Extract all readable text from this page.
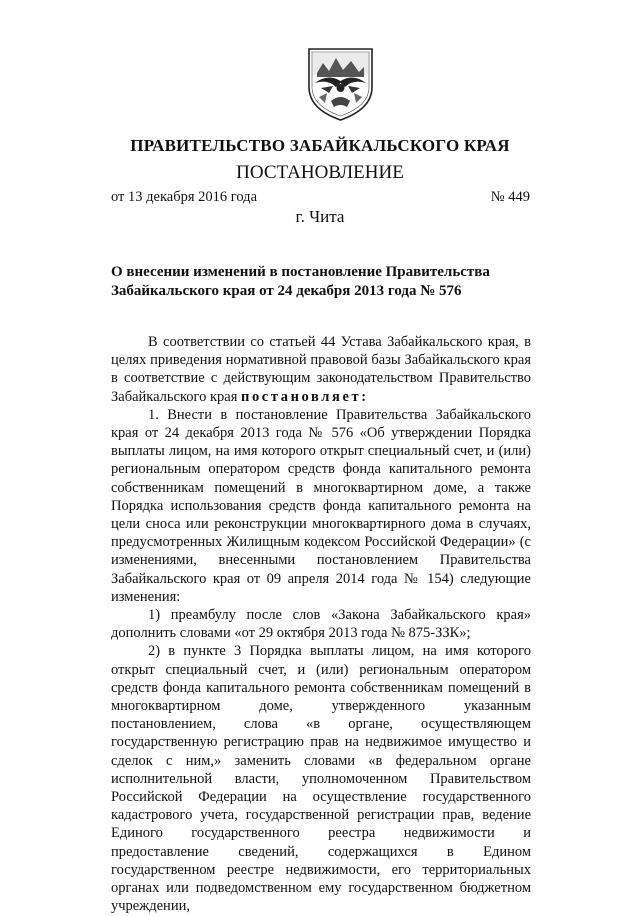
ПРАВИТЕЛЬСТВО ЗАБАЙКАЛЬСКОГО КРАЯ
ПОСТАНОВЛЕНИЕ
от 13 декабря 2016 года	№ 449
г. Чита
О внесении изменений в постановление Правительства Забайкальского края от 24 декабря 2013 года № 576

В соответствии со статьей 44 Устава Забайкальского края, в целях приведения нормативной правовой базы Забайкальского края в соответствие с действующим законодательством Правительство Забайкальского края постановляет:

1. Внести в постановление Правительства Забайкальского края от 24 декабря 2013 года № 576 «Об утверждении Порядка выплаты лицом, на имя которого открыт специальный счет, и (или) региональным оператором средств фонда капитального ремонта собственникам помещений в многоквартирном доме, а также Порядка использования средств фонда капитального ремонта на цели сноса или реконструкции многоквартирного дома в случаях, предусмотренных Жилищным кодексом Российской Федерации» (с изменениями, внесенными постановлением Правительства Забайкальского края от 09 апреля 2014 года № 154) следующие изменения:

1) преамбулу после слов «Закона Забайкальского края» дополнить словами «от 29 октября 2013 года № 875-ЗЗК»;

2) в пункте 3 Порядка выплаты лицом, на имя которого открыт специальный счет, и (или) региональным оператором средств фонда капитального ремонта собственникам помещений в многоквартирном доме, утвержденного указанным постановлением, слова «в органе, осуществляющем государственную регистрацию прав на недвижимое имущество и сделок с ним,» заменить словами «в федеральном органе исполнительной власти, уполномоченном Правительством Российской Федерации на осуществление государственного кадастрового учета, государственной регистрации прав, ведение Единого государственного реестра недвижимости и предоставление сведений, содержащихся в Едином государственном реестре недвижимости, его территориальных органах или подведомственном ему государственном бюджетном учреждении,
